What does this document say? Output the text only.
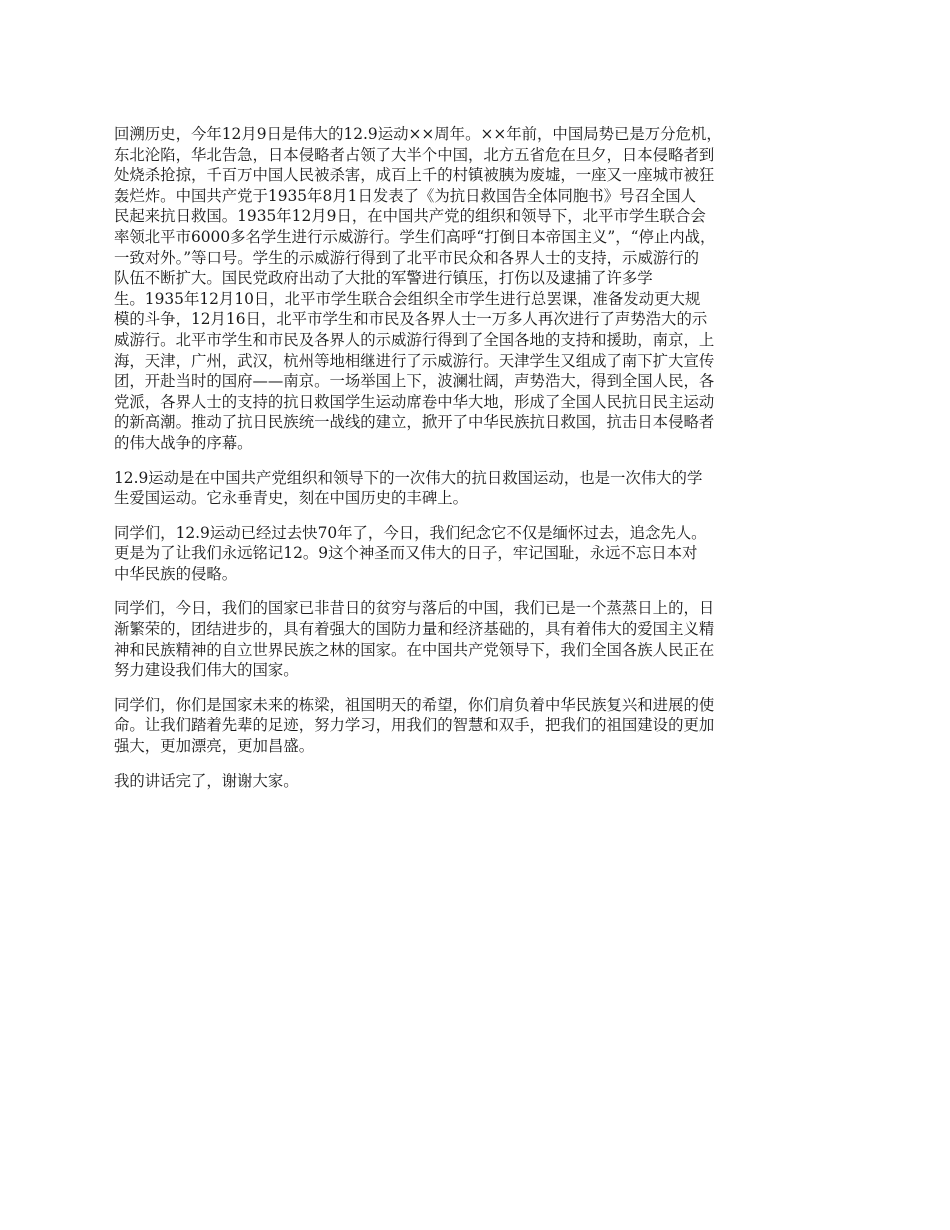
回溯历史，今年12月9日是伟大的12.9运动××周年。××年前，中国局势已是万分危机，
东北沦陷，华北告急，日本侵略者占领了大半个中国，北方五省危在旦夕，日本侵略者到
处烧杀抢掠，千百万中国人民被杀害，成百上千的村镇被胰为废墟，一座又一座城市被狂
轰烂炸。中国共产党于1935年8月1日发表了《为抗日救国告全体同胞书》号召全国人
民起来抗日救国。1935年12月9日，在中国共产党的组织和领导下，北平市学生联合会
率领北平市6000多名学生进行示威游行。学生们高呼“打倒日本帝国主义”，“停止内战，
一致对外。”等口号。学生的示威游行得到了北平市民众和各界人士的支持，示威游行的
队伍不断扩大。国民党政府出动了大批的军警进行镇压，打伤以及逮捕了许多学
生。1935年12月10日，北平市学生联合会组织全市学生进行总罢课，准备发动更大规
模的斗争，12月16日，北平市学生和市民及各界人士一万多人再次进行了声势浩大的示
威游行。北平市学生和市民及各界人的示威游行得到了全国各地的支持和援助，南京，上
海，天津，广州，武汉，杭州等地相继进行了示威游行。天津学生又组成了南下扩大宣传
团，开赴当时的国府——南京。一场举国上下，波澜壮阔，声势浩大，得到全国人民，各
党派，各界人士的支持的抗日救国学生运动席卷中华大地，形成了全国人民抗日民主运动
的新高潮。推动了抗日民族统一战线的建立，掀开了中华民族抗日救国，抗击日本侵略者
的伟大战争的序幕。

12.9运动是在中国共产党组织和领导下的一次伟大的抗日救国运动，也是一次伟大的学
生爱国运动。它永垂青史，刻在中国历史的丰碑上。

同学们，12.9运动已经过去快70年了，今日，我们纪念它不仅是缅怀过去，追念先人。
更是为了让我们永远铭记12。9这个神圣而又伟大的日子，牢记国耻，永远不忘日本对
中华民族的侵略。

同学们，今日，我们的国家已非昔日的贫穷与落后的中国，我们已是一个蒸蒸日上的，日
渐繁荣的，团结进步的，具有着强大的国防力量和经济基础的，具有着伟大的爱国主义精
神和民族精神的自立世界民族之林的国家。在中国共产党领导下，我们全国各族人民正在
努力建设我们伟大的国家。

同学们，你们是国家未来的栋梁，祖国明天的希望，你们肩负着中华民族复兴和进展的使
命。让我们踏着先辈的足迹，努力学习，用我们的智慧和双手，把我们的祖国建设的更加
强大，更加漂亮，更加昌盛。

我的讲话完了，谢谢大家。
